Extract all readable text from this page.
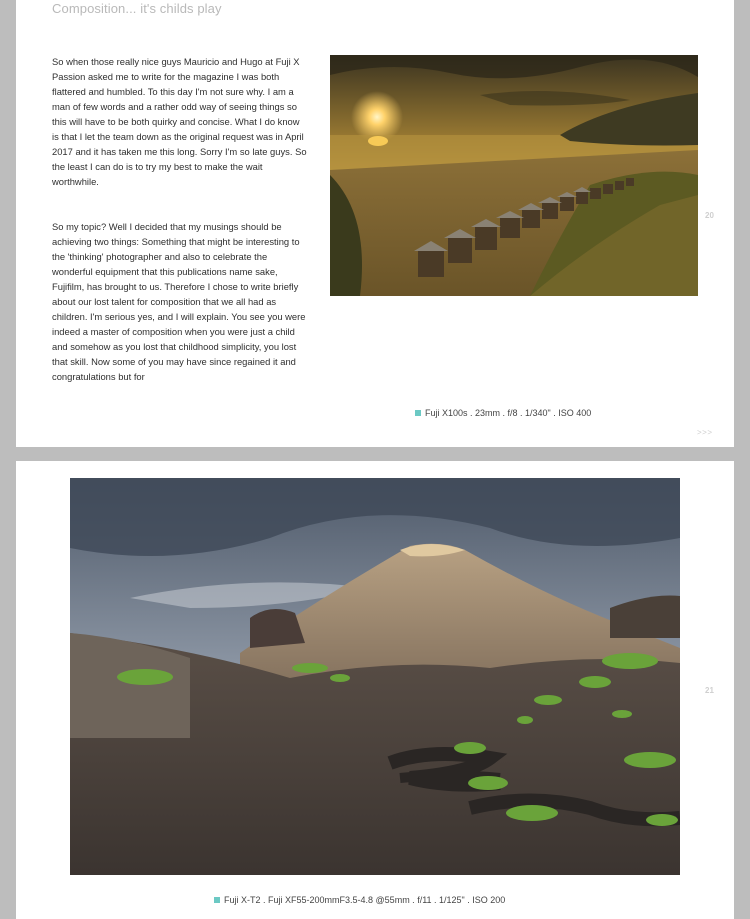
Composition... it's childs play

So when those really nice guys Mauricio and Hugo at Fuji X Passion asked me to write for the magazine I was both flattered and humbled. To this day I'm not sure why. I am a man of few words and a rather odd way of seeing things so this will have to be both quirky and concise. What I do know is that I let the team down as the original request was in April 2017 and it has taken me this long. Sorry I'm so late guys. So the least I can do is to try my best to make the wait worthwhile.

So my topic? Well I decided that my musings should be achieving two things: Something that might be interesting to the 'thinking' photographer and also to celebrate the wonderful equipment that this publications name sake, Fujifilm, has brought to us. Therefore I chose to write briefly about our lost talent for composition that we all had as children. I'm serious yes, and I will explain. You see you were indeed a master of composition when you were just a child and somehow as you lost that childhood simplicity, you lost that skill. Now some of you may have since regained it and congratulations but for

20
Fuji X100s . 23mm . f/8 . 1/340" . ISO 400
>>>
21
Fuji X-T2 . Fuji XF55-200mmF3.5-4.8 @55mm . f/11 . 1/125" . ISO 200
